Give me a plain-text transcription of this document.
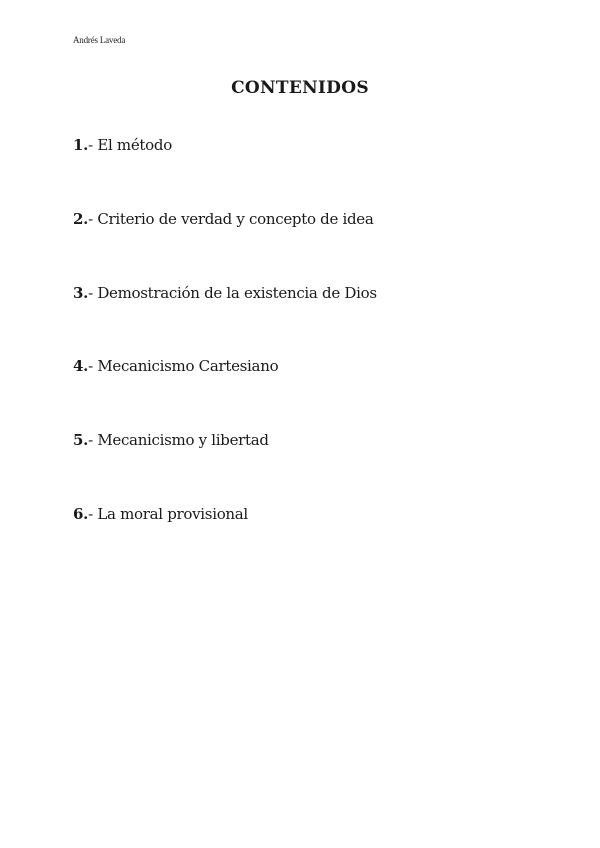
Andrés Laveda
CONTENIDOS
1.- El método
2.- Criterio de verdad y concepto de idea
3.- Demostración de la existencia de Dios
4.- Mecanicismo Cartesiano
5.- Mecanicismo y libertad
6.- La moral provisional
